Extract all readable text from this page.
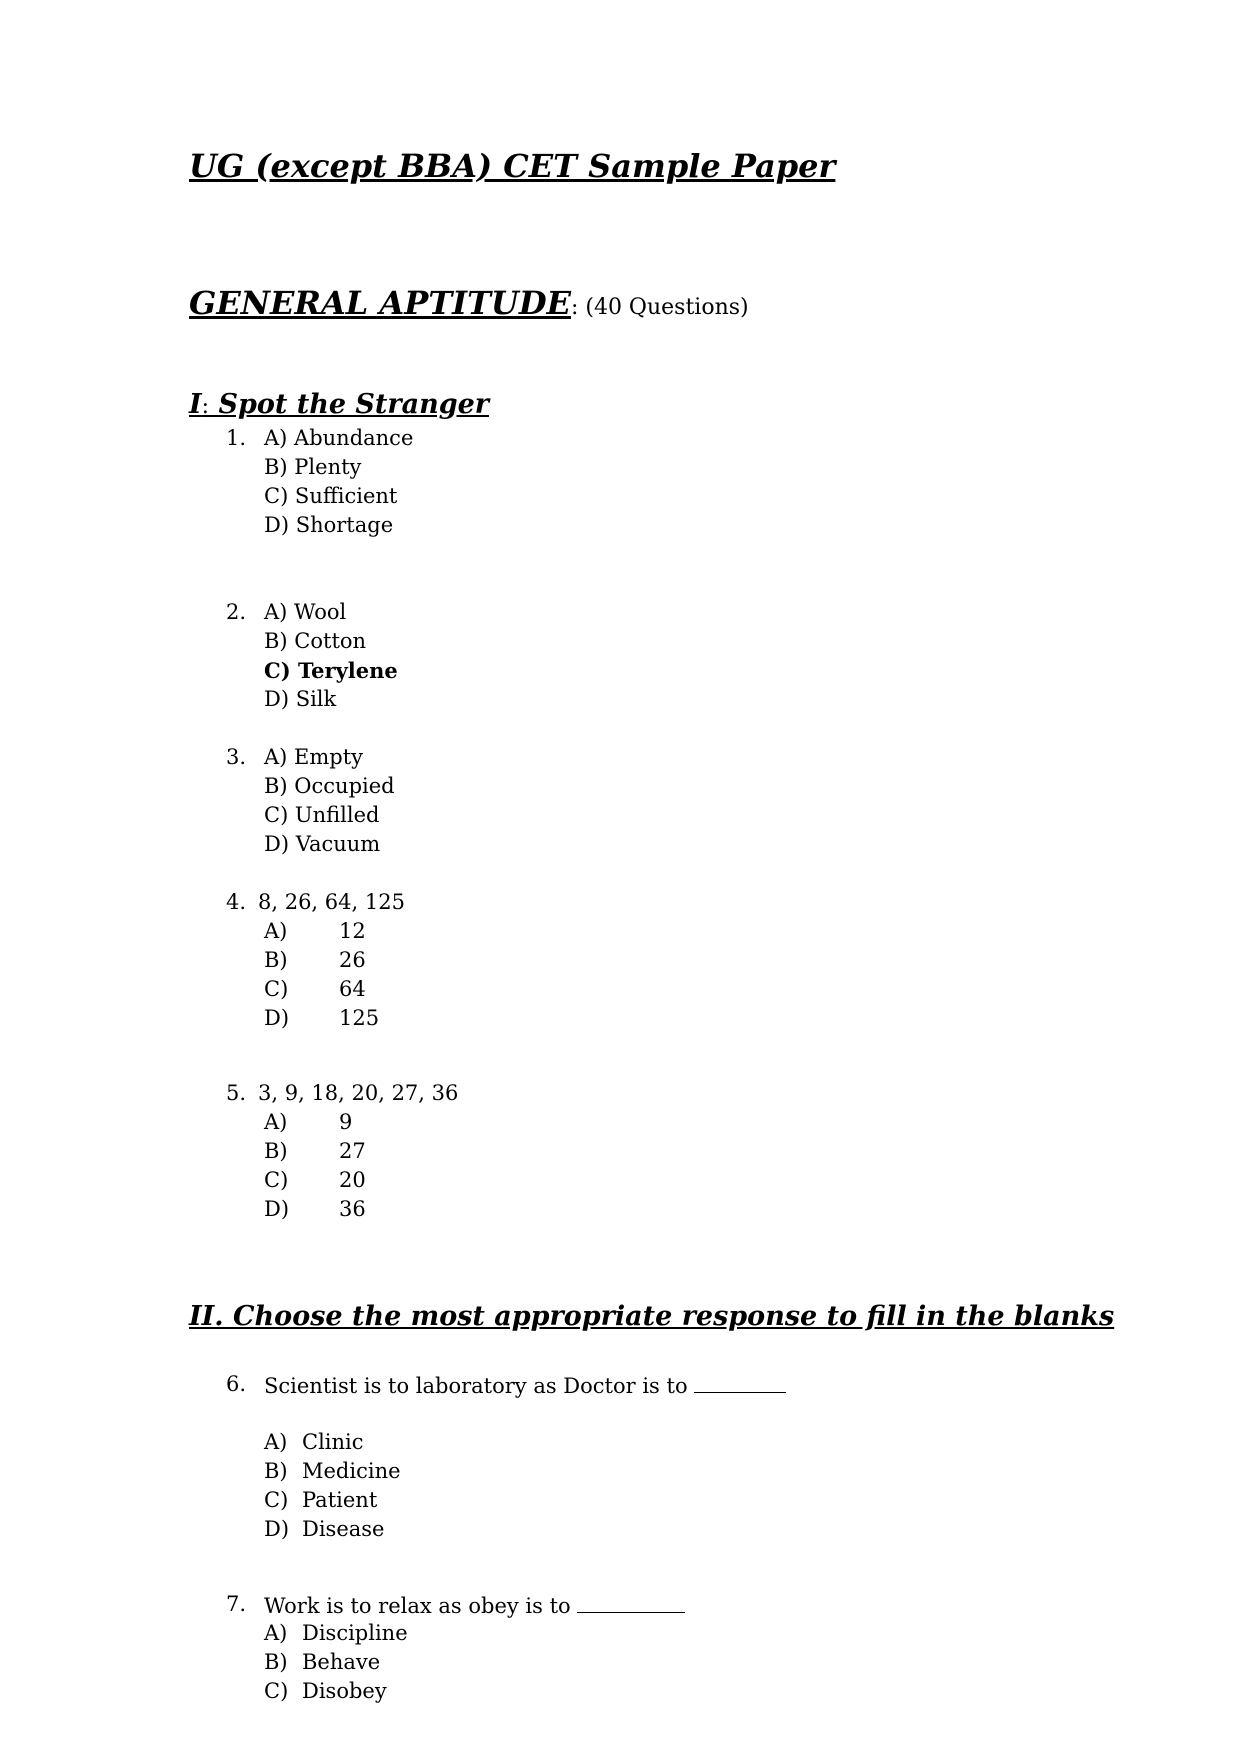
UG (except BBA) CET Sample Paper
GENERAL APTITUDE: (40 Questions)
I: Spot the Stranger
1. A) Abundance
B) Plenty
C) Sufficient
D) Shortage
2. A) Wool
B) Cotton
C) Terylene
D) Silk
3. A) Empty
B) Occupied
C) Unfilled
D) Vacuum
4. 8, 26, 64, 125
A) 12
B) 26
C) 64
D) 125
5. 3, 9, 18, 20, 27, 36
A) 9
B) 27
C) 20
D) 36
II. Choose the most appropriate response to fill in the blanks
6. Scientist is to laboratory as Doctor is to
A) Clinic
B) Medicine
C) Patient
D) Disease
7. Work is to relax as obey is to
A) Discipline
B) Behave
C) Disobey
